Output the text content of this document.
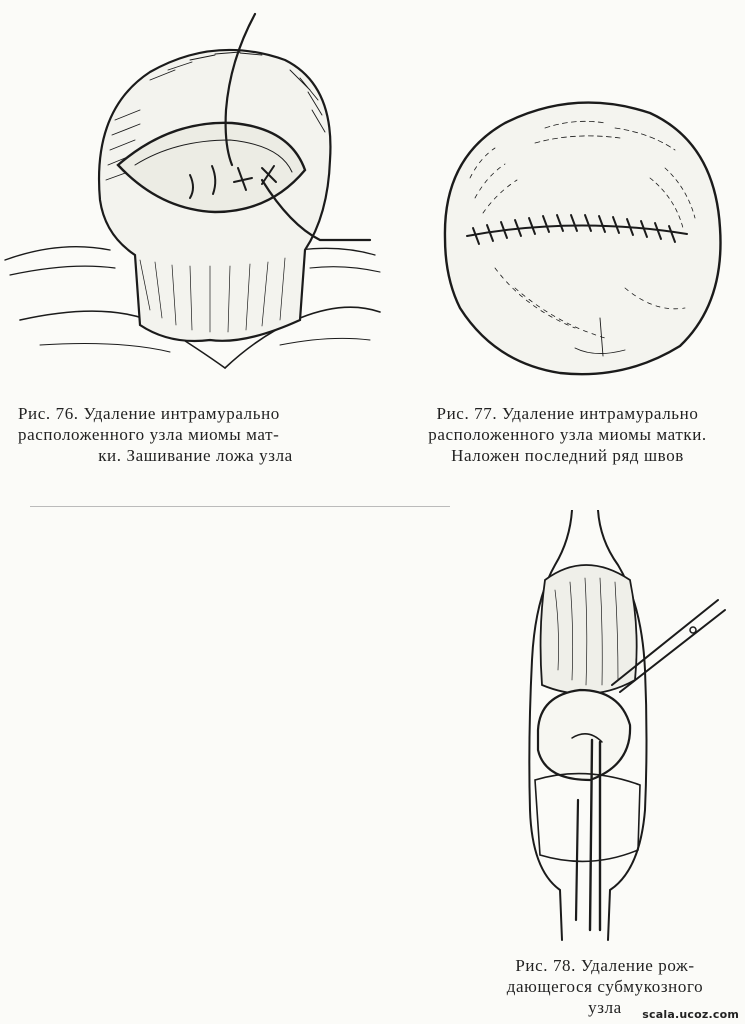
Рис. 76. Удаление интрамурально

расположенного узла миомы мат-

ки. Зашивание ложа узла

Рис. 77. Удаление интрамурально

расположенного узла миомы матки.

Наложен последний ряд швов

Рис. 78. Удаление рож-

дающегося субмукозного

узла	scala.ucoz.com
